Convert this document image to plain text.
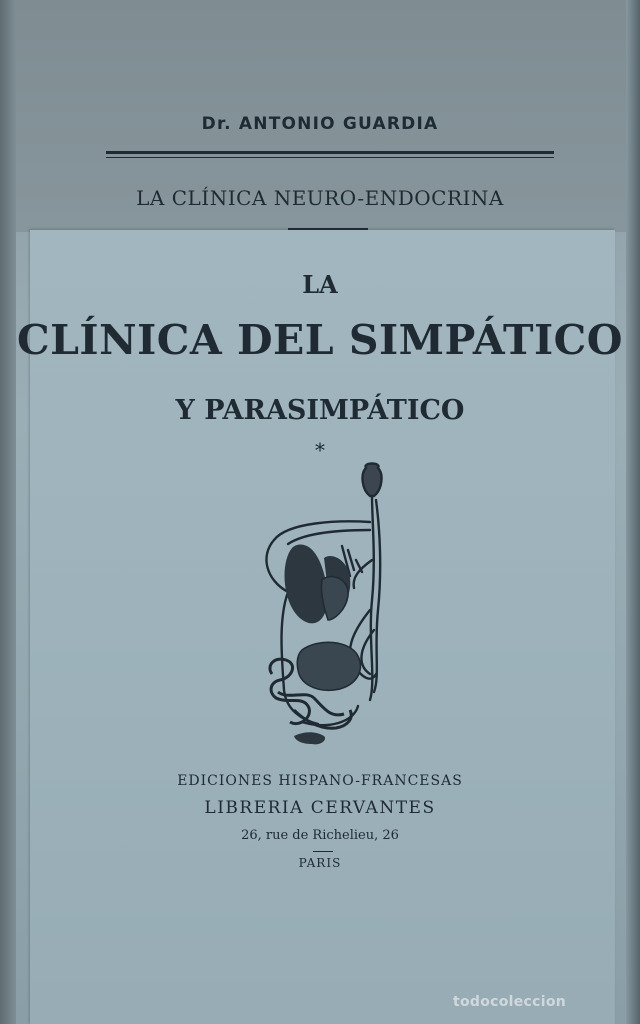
Dr. ANTONIO GUARDIA
LA CLÍNICA NEURO-ENDOCRINA
LA
CLÍNICA DEL SIMPÁTICO
Y PARASIMPÁTICO
*
EDICIONES HISPANO-FRANCESAS
LIBRERIA CERVANTES
26, rue de Richelieu, 26
PARIS
todocoleccion
